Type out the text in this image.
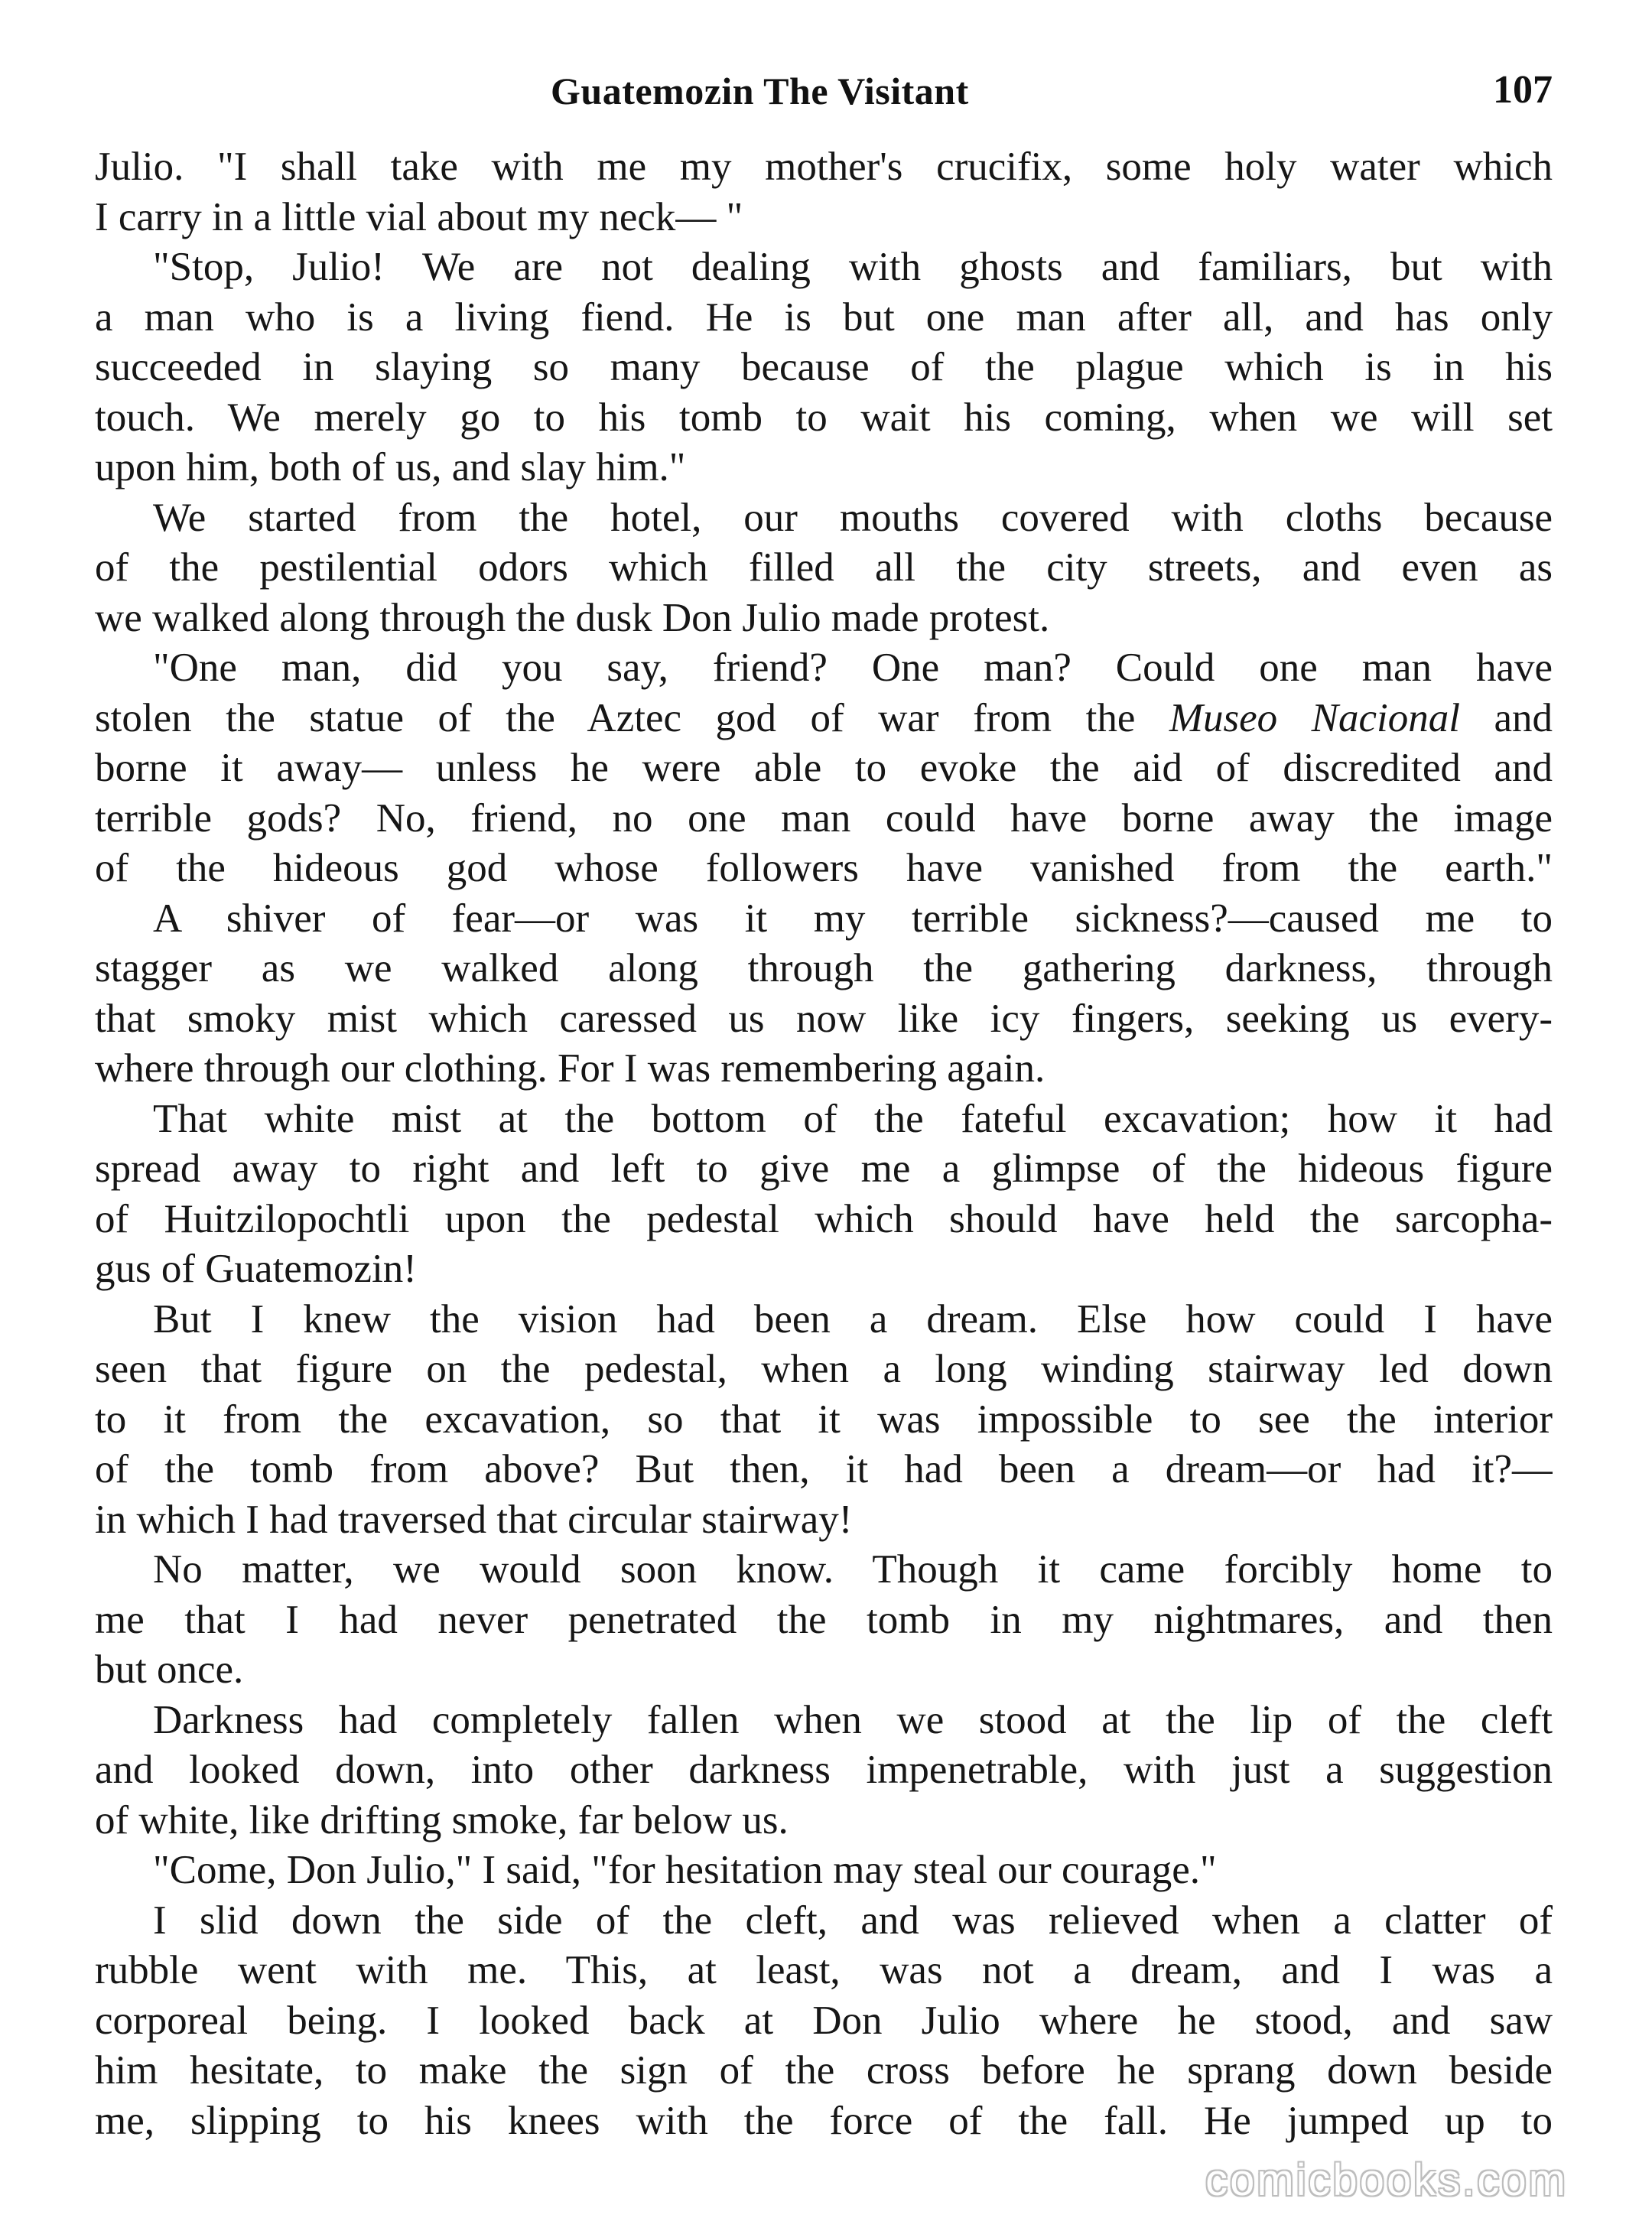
Guatemozin The Visitant	107
Julio. "I shall take with me my mother's crucifix, some holy water which
I carry in a little vial about my neck— "
"Stop, Julio! We are not dealing with ghosts and familiars, but with
a man who is a living fiend. He is but one man after all, and has only
succeeded in slaying so many because of the plague which is in his
touch. We merely go to his tomb to wait his coming, when we will set
upon him, both of us, and slay him."
We started from the hotel, our mouths covered with cloths because
of the pestilential odors which filled all the city streets, and even as
we walked along through the dusk Don Julio made protest.
"One man, did you say, friend? One man? Could one man have
stolen the statue of the Aztec god of war from the Museo Nacional and
borne it away— unless he were able to evoke the aid of discredited and
terrible gods? No, friend, no one man could have borne away the image
of the hideous god whose followers have vanished from the earth."
A shiver of fear—or was it my terrible sickness?—caused me to
stagger as we walked along through the gathering darkness, through
that smoky mist which caressed us now like icy fingers, seeking us every-
where through our clothing. For I was remembering again.
That white mist at the bottom of the fateful excavation; how it had
spread away to right and left to give me a glimpse of the hideous figure
of Huitzilopochtli upon the pedestal which should have held the sarcopha-
gus of Guatemozin!
But I knew the vision had been a dream. Else how could I have
seen that figure on the pedestal, when a long winding stairway led down
to it from the excavation, so that it was impossible to see the interior
of the tomb from above? But then, it had been a dream—or had it?—
in which I had traversed that circular stairway!
No matter, we would soon know. Though it came forcibly home to
me that I had never penetrated the tomb in my nightmares, and then
but once.
Darkness had completely fallen when we stood at the lip of the cleft
and looked down, into other darkness impenetrable, with just a suggestion
of white, like drifting smoke, far below us.
"Come, Don Julio," I said, "for hesitation may steal our courage."
I slid down the side of the cleft, and was relieved when a clatter of
rubble went with me. This, at least, was not a dream, and I was a
corporeal being. I looked back at Don Julio where he stood, and saw
him hesitate, to make the sign of the cross before he sprang down beside
me, slipping to his knees with the force of the fall. He jumped up to
comicbooks.com
